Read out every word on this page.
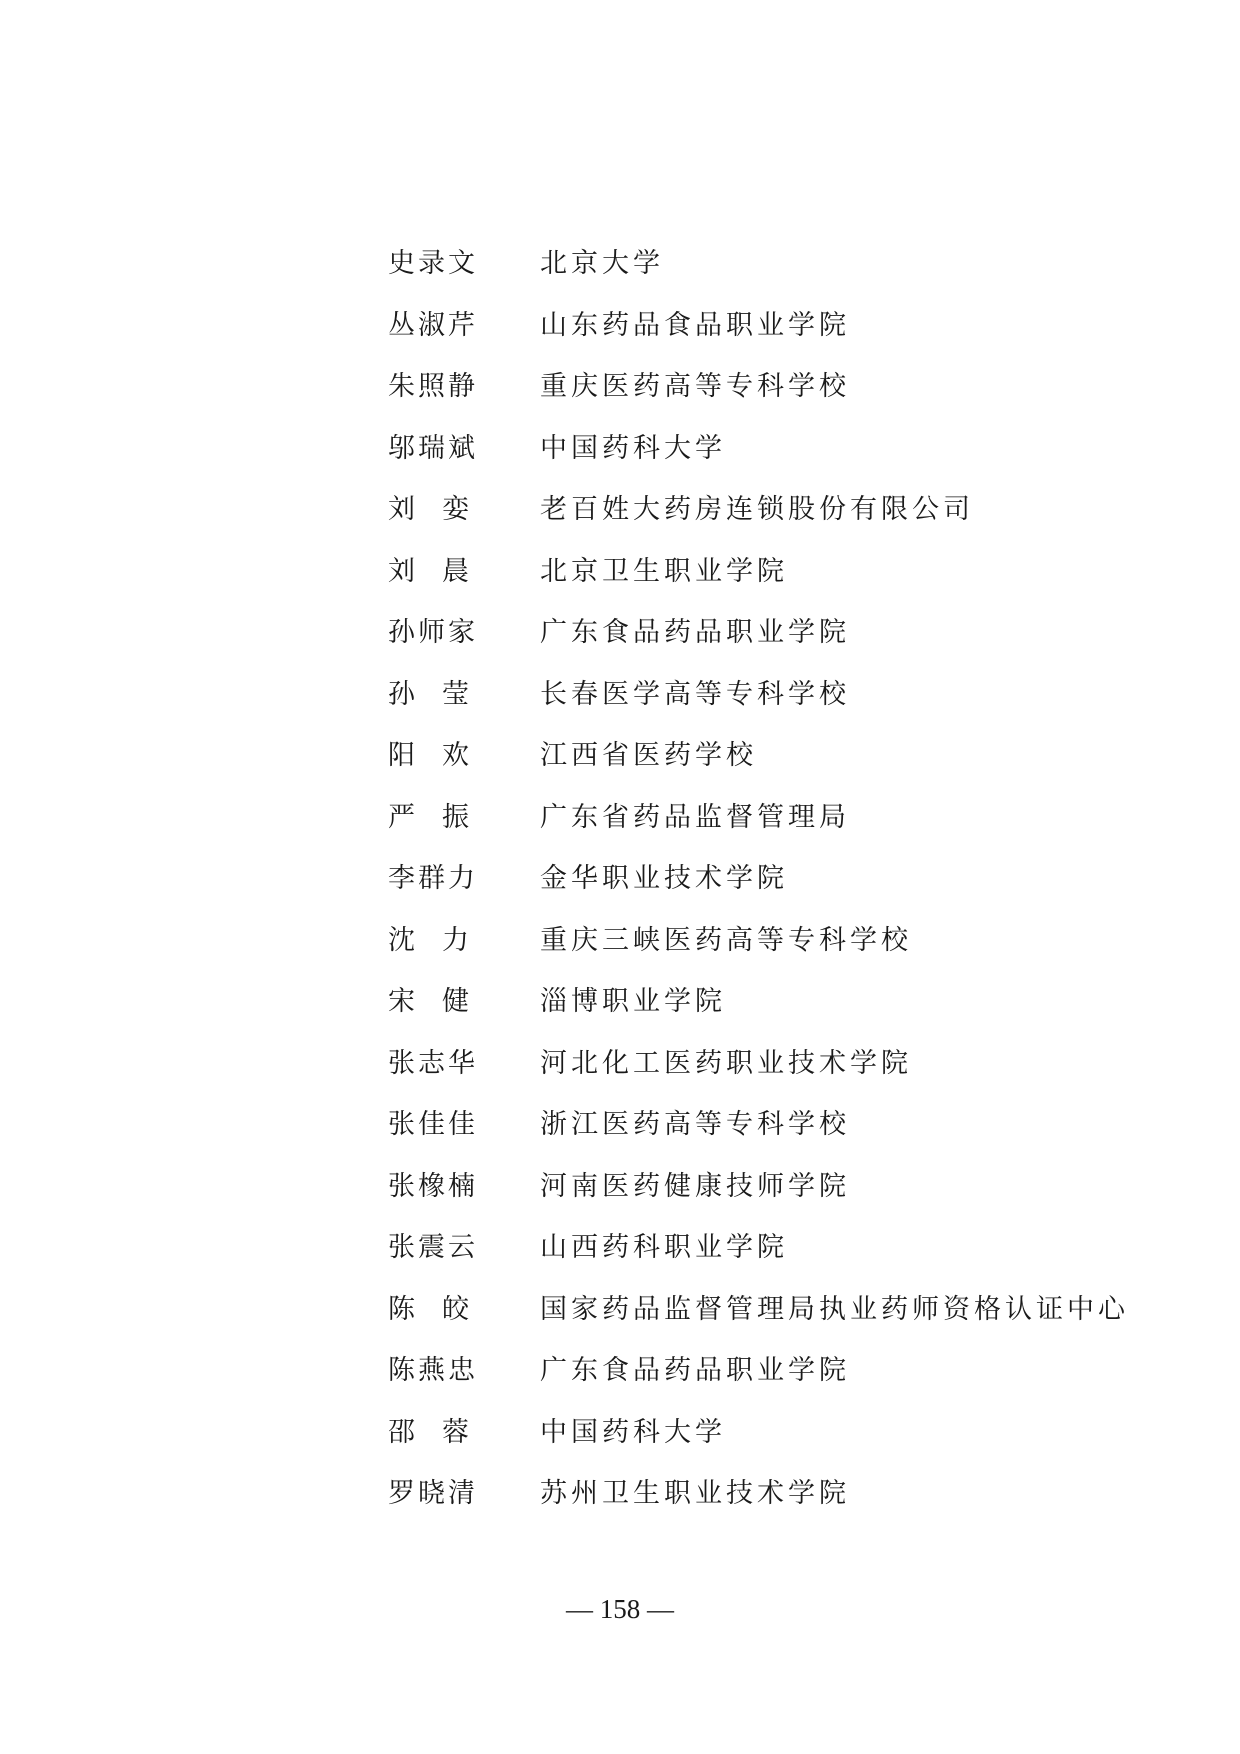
史录文 北京大学
丛淑芹 山东药品食品职业学院
朱照静 重庆医药高等专科学校
邬瑞斌 中国药科大学
刘　娈	老百姓大药房连锁股份有限公司
刘　晨	北京卫生职业学院
孙师家 广东食品药品职业学院
孙　莹	长春医学高等专科学校
阳　欢	江西省医药学校
严　振	广东省药品监督管理局
李群力 金华职业技术学院
沈　力	重庆三峡医药高等专科学校
宋　健	淄博职业学院
张志华 河北化工医药职业技术学院
张佳佳 浙江医药高等专科学校
张橡楠 河南医药健康技师学院
张震云 山西药科职业学院
陈　皎	国家药品监督管理局执业药师资格认证中心
陈燕忠 广东食品药品职业学院
邵　蓉	中国药科大学
罗晓清 苏州卫生职业技术学院
— 158 —
